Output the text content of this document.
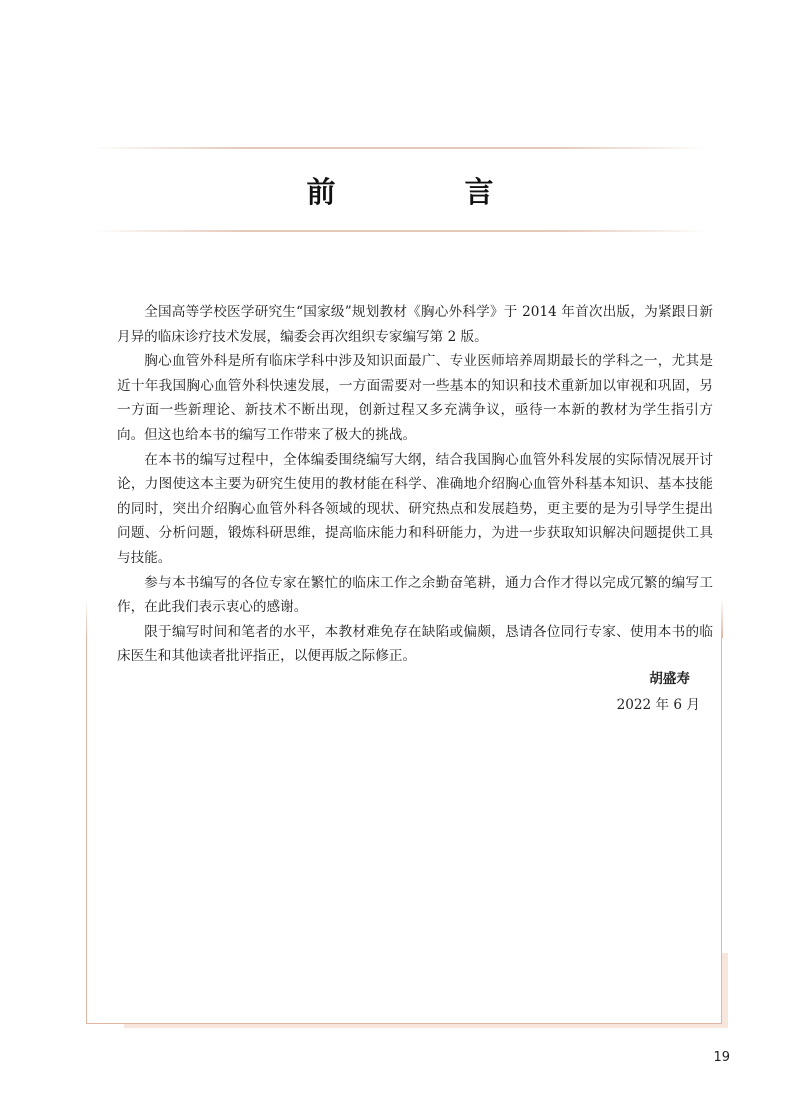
前　言

全国高等学校医学研究生“国家级”规划教材《胸心外科学》于 2014 年首次出版，为紧跟日新月异的临床诊疗技术发展，编委会再次组织专家编写第 2 版。

胸心血管外科是所有临床学科中涉及知识面最广、专业医师培养周期最长的学科之一，尤其是近十年我国胸心血管外科快速发展，一方面需要对一些基本的知识和技术重新加以审视和巩固，另一方面一些新理论、新技术不断出现，创新过程又多充满争议，亟待一本新的教材为学生指引方向。但这也给本书的编写工作带来了极大的挑战。

在本书的编写过程中，全体编委围绕编写大纲，结合我国胸心血管外科发展的实际情况展开讨论，力图使这本主要为研究生使用的教材能在科学、准确地介绍胸心血管外科基本知识、基本技能的同时，突出介绍胸心血管外科各领域的现状、研究热点和发展趋势，更主要的是为引导学生提出问题、分析问题，锻炼科研思维，提高临床能力和科研能力，为进一步获取知识解决问题提供工具与技能。

参与本书编写的各位专家在繁忙的临床工作之余勤奋笔耕，通力合作才得以完成冗繁的编写工作，在此我们表示衷心的感谢。

限于编写时间和笔者的水平，本教材难免存在缺陷或偏颇，恳请各位同行专家、使用本书的临床医生和其他读者批评指正，以便再版之际修正。

胡盛寿
2022 年 6 月
19
